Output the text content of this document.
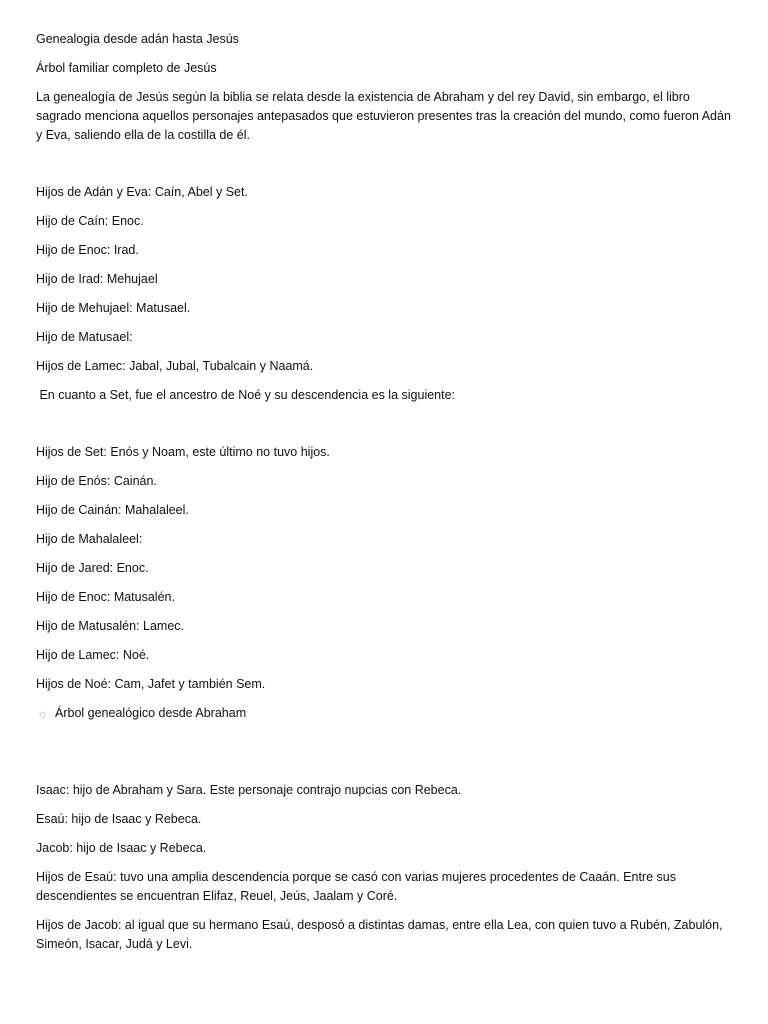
Genealogia desde adán hasta Jesús

Árbol familiar completo de Jesús

La genealogía de Jesús según la biblia se relata desde la existencia de Abraham y del rey David, sin embargo, el libro sagrado menciona aquellos personajes antepasados que estuvieron presentes tras la creación del mundo, como fueron Adán y Eva, saliendo ella de la costilla de él.

Hijos de Adán y Eva: Caín, Abel y Set.

Hijo de Caín: Enoc.

Hijo de Enoc: Irad.

Hijo de Irad: Mehujael

Hijo de Mehujael: Matusael.

Hijo de Matusael:

Hijos de Lamec: Jabal, Jubal, Tubalcain y Naamá.

En cuanto a Set, fue el ancestro de Noé y su descendencia es la siguiente:

Hijos de Set: Enós y Noam, este último no tuvo hijos.

Hijo de Enós: Cainán.

Hijo de Cainán: Mahalaleel.

Hijo de Mahalaleel:

Hijo de Jared: Enoc.

Hijo de Enoc: Matusalén.

Hijo de Matusalén: Lamec.

Hijo de Lamec: Noé.

Hijos de Noé: Cam, Jafet y también Sem.

☼ Árbol genealógico desde Abraham

Isaac: hijo de Abraham y Sara. Este personaje contrajo nupcias con Rebeca.

Esaú: hijo de Isaac y Rebeca.

Jacob: hijo de Isaac y Rebeca.

Hijos de Esaú: tuvo una amplia descendencia porque se casó con varias mujeres procedentes de Caaán. Entre sus descendientes se encuentran Elifaz, Reuel, Jeús, Jaalam y Coré.

Hijos de Jacob: al igual que su hermano Esaú, desposó a distintas damas, entre ella Lea, con quien tuvo a Rubén, Zabulón, Simeón, Isacar, Judá y Levi.
